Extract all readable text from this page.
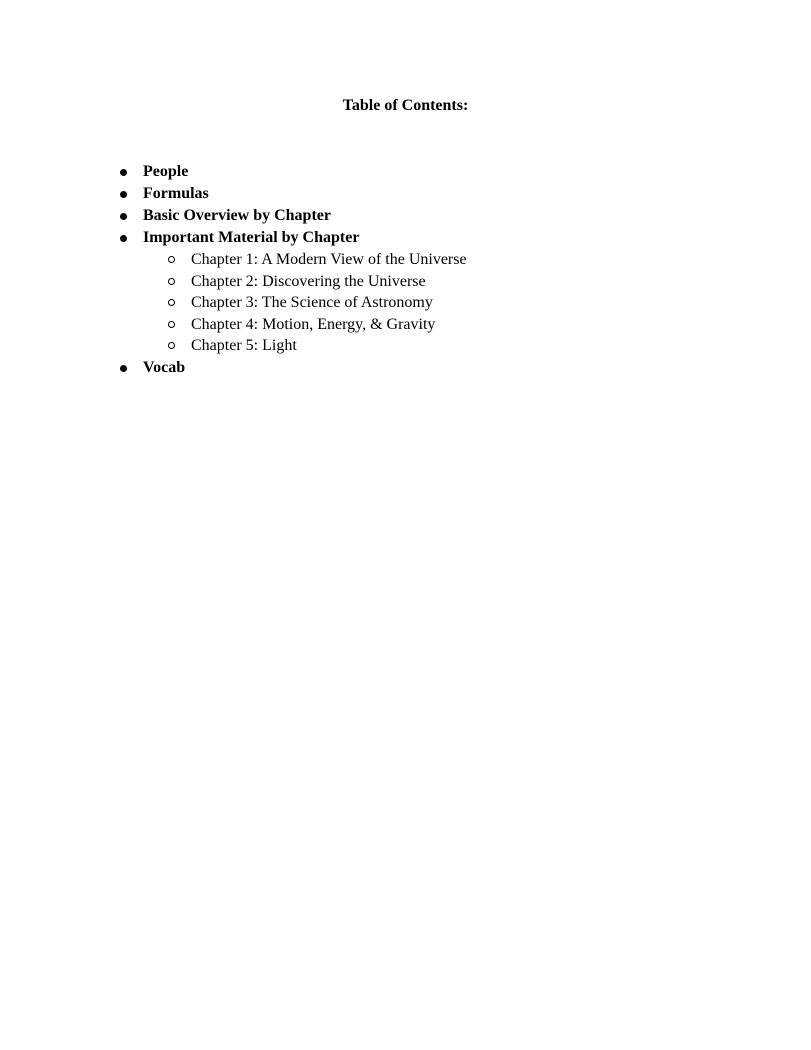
Table of Contents:
People
Formulas
Basic Overview by Chapter
Important Material by Chapter
Chapter 1: A Modern View of the Universe
Chapter 2: Discovering the Universe
Chapter 3: The Science of Astronomy
Chapter 4: Motion, Energy, & Gravity
Chapter 5: Light
Vocab
